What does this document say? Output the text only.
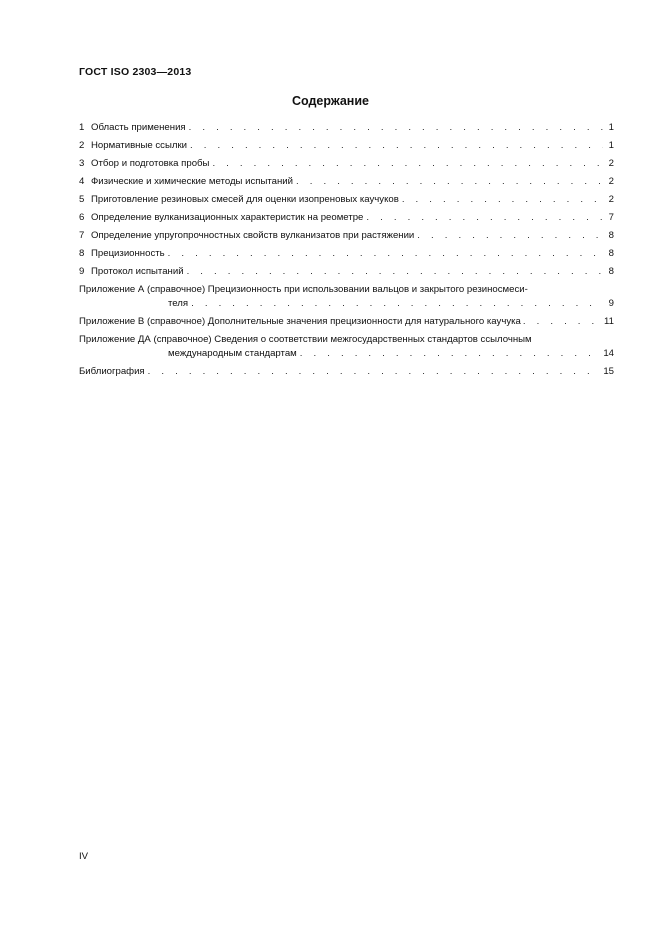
ГОСТ ISO 2303—2013
Содержание
1 Область применения . . .	1
2 Нормативные ссылки . . .	1
3 Отбор и подготовка пробы . . .	2
4 Физические и химические методы испытаний . . .	2
5 Приготовление резиновых смесей для оценки изопреновых каучуков . . .	2
6 Определение вулканизационных характеристик на реометре . . .	7
7 Определение упругопрочностных свойств вулканизатов при растяжении . . .	8
8 Прецизионность . . .	8
9 Протокол испытаний . . .	8
Приложение А (справочное) Прецизионность при использовании вальцов и закрытого резиносмеси-
теля . . .	9
Приложение В (справочное) Дополнительные значения прецизионности для натурального каучука . . .	11
Приложение ДА (справочное) Сведения о соответствии межгосударственных стандартов ссылочным
международным стандартам . . .	14
Библиография . . .	15
IV
